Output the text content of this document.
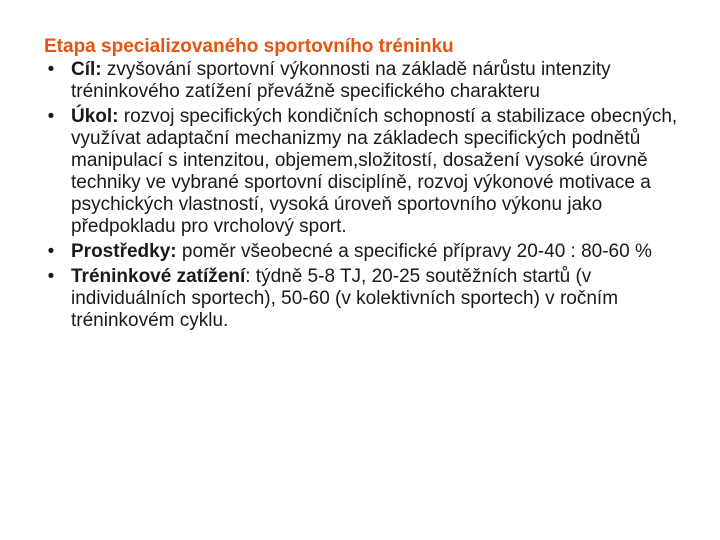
Etapa specializovaného sportovního tréninku
• Cíl: zvyšování sportovní výkonnosti na základě nárůstu intenzity tréninkového zatížení převážně specifického charakteru
• Úkol: rozvoj specifických kondičních schopností a stabilizace obecných, využívat adaptační mechanizmy na základech specifických podnětů manipulací s intenzitou, objemem,složitostí, dosažení vysoké úrovně techniky ve vybrané sportovní disciplíně, rozvoj výkonové motivace a psychických vlastností, vysoká úroveň sportovního výkonu jako předpokladu pro vrcholový sport.
• Prostředky: poměr všeobecné a specifické přípravy 20-40 : 80-60 %
• Tréninkové zatížení: týdně 5-8 TJ, 20-25 soutěžních startů (v individuálních sportech), 50-60 (v kolektivních sportech) v ročním tréninkovém cyklu.
